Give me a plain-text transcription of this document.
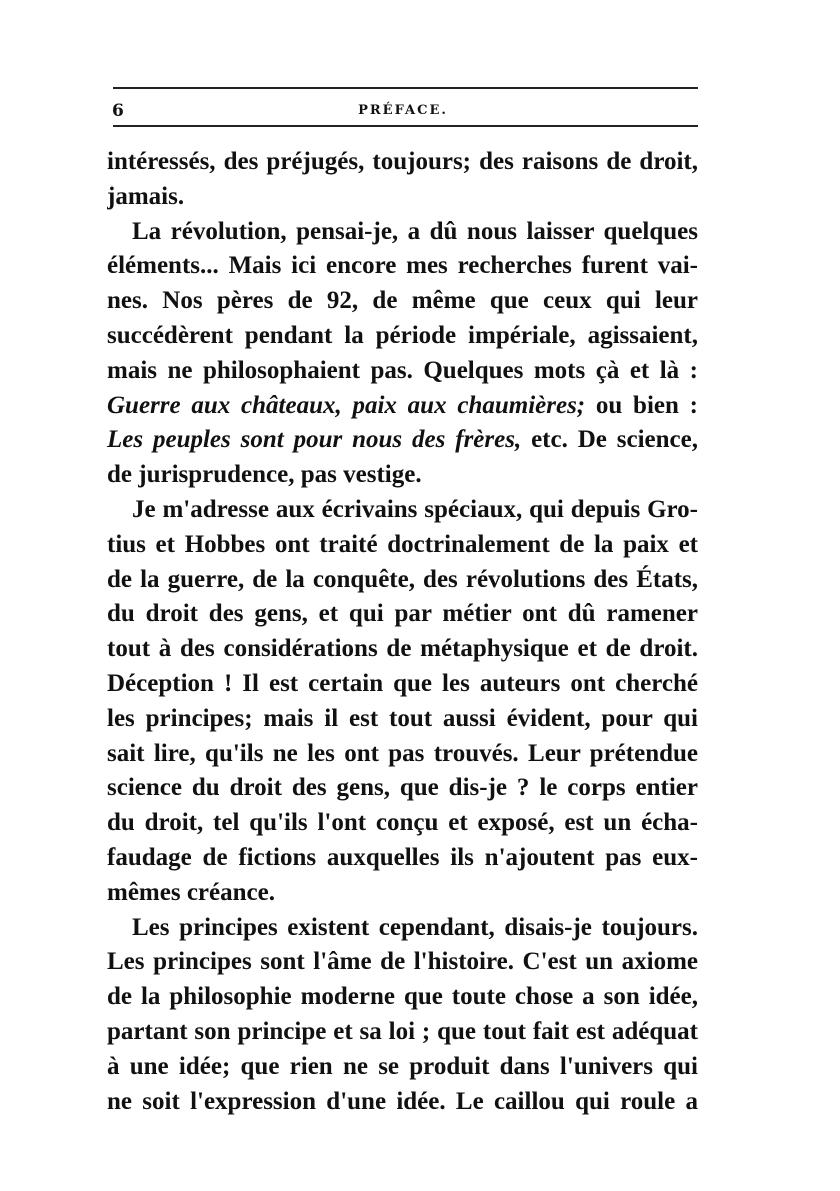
6	PRÉFACE.
intéressés, des préjugés, toujours; des raisons de droit,
jamais.
La révolution, pensai-je, a dû nous laisser quelques
éléments... Mais ici encore mes recherches furent vai-
nes. Nos pères de 92, de même que ceux qui leur
succédèrent pendant la période impériale, agissaient,
mais ne philosophaient pas. Quelques mots çà et là :
Guerre aux châteaux, paix aux chaumières; ou bien :
Les peuples sont pour nous des frères, etc. De science,
de jurisprudence, pas vestige.
Je m'adresse aux écrivains spéciaux, qui depuis Gro-
tius et Hobbes ont traité doctrinalement de la paix et
de la guerre, de la conquête, des révolutions des États,
du droit des gens, et qui par métier ont dû ramener
tout à des considérations de métaphysique et de droit.
Déception ! Il est certain que les auteurs ont cherché
les principes; mais il est tout aussi évident, pour qui
sait lire, qu'ils ne les ont pas trouvés. Leur prétendue
science du droit des gens, que dis-je ? le corps entier
du droit, tel qu'ils l'ont conçu et exposé, est un écha-
faudage de fictions auxquelles ils n'ajoutent pas eux-
mêmes créance.
Les principes existent cependant, disais-je toujours.
Les principes sont l'âme de l'histoire. C'est un axiome
de la philosophie moderne que toute chose a son idée,
partant son principe et sa loi ; que tout fait est adéquat
à une idée; que rien ne se produit dans l'univers qui
ne soit l'expression d'une idée. Le caillou qui roule a
